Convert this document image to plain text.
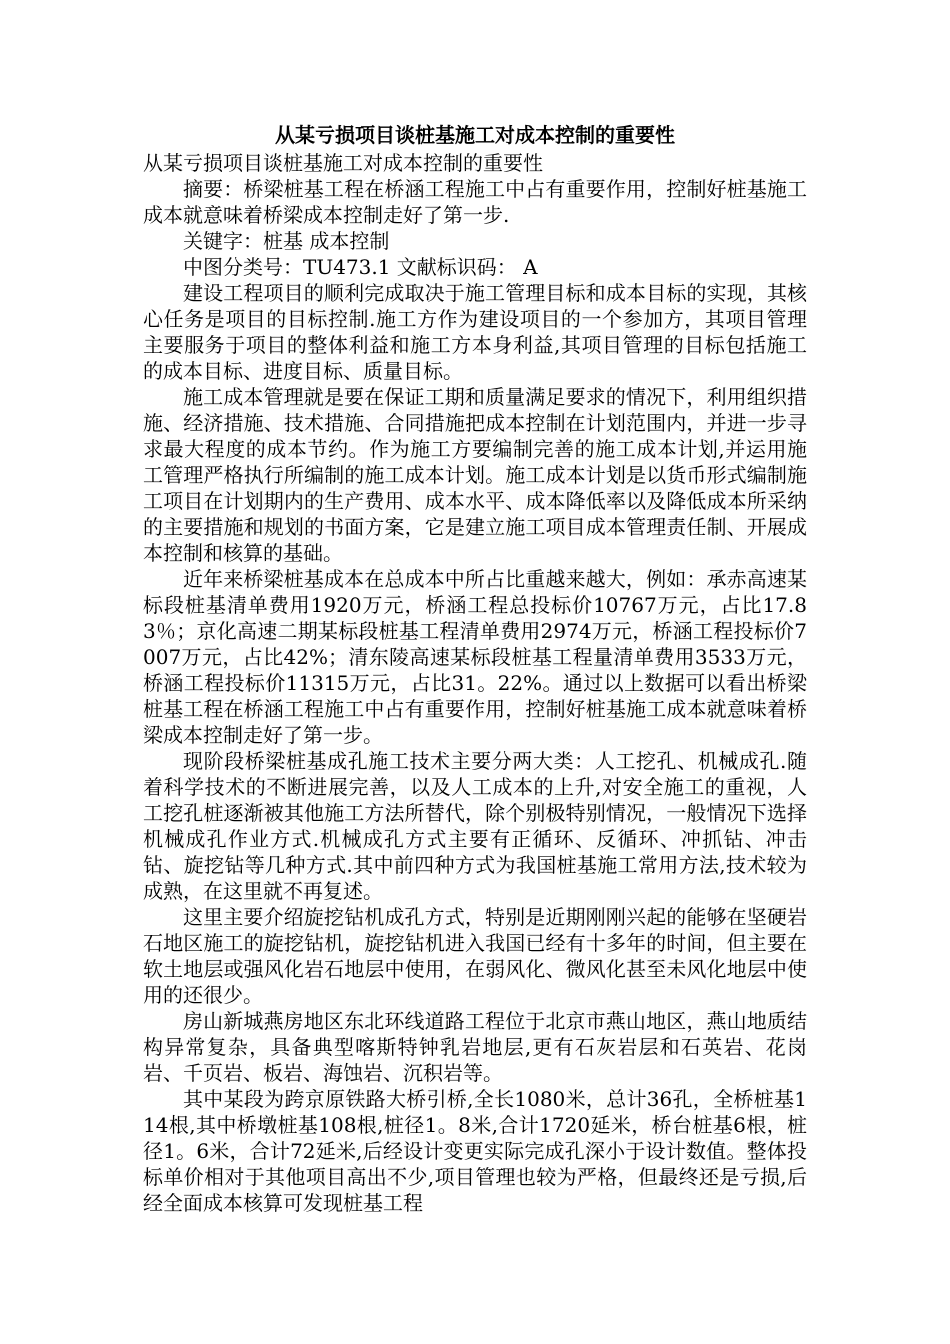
从某亏损项目谈桩基施工对成本控制的重要性
从某亏损项目谈桩基施工对成本控制的重要性

摘要：桥梁桩基工程在桥涵工程施工中占有重要作用，控制好桩基施工成本就意味着桥梁成本控制走好了第一步.

关键字：桩基 成本控制

中图分类号：TU473.1 文献标识码： A

建设工程项目的顺利完成取决于施工管理目标和成本目标的实现，其核心任务是项目的目标控制.施工方作为建设项目的一个参加方，其项目管理主要服务于项目的整体利益和施工方本身利益,其项目管理的目标包括施工的成本目标、进度目标、质量目标。

施工成本管理就是要在保证工期和质量满足要求的情况下，利用组织措施、经济措施、技术措施、合同措施把成本控制在计划范围内，并进一步寻求最大程度的成本节约。作为施工方要编制完善的施工成本计划,并运用施工管理严格执行所编制的施工成本计划。施工成本计划是以货币形式编制施工项目在计划期内的生产费用、成本水平、成本降低率以及降低成本所采纳的主要措施和规划的书面方案，它是建立施工项目成本管理责任制、开展成本控制和核算的基础。

近年来桥梁桩基成本在总成本中所占比重越来越大，例如：承赤高速某标段桩基清单费用1920万元，桥涵工程总投标价10767万元，占比17.83％；京化高速二期某标段桩基工程清单费用2974万元，桥涵工程投标价7007万元，占比42%；清东陵高速某标段桩基工程量清单费用3533万元，桥涵工程投标价11315万元，占比31。22%。通过以上数据可以看出桥梁桩基工程在桥涵工程施工中占有重要作用，控制好桩基施工成本就意味着桥梁成本控制走好了第一步。

现阶段桥梁桩基成孔施工技术主要分两大类：人工挖孔、机械成孔.随着科学技术的不断进展完善，以及人工成本的上升,对安全施工的重视，人工挖孔桩逐渐被其他施工方法所替代，除个别极特别情况，一般情况下选择机械成孔作业方式.机械成孔方式主要有正循环、反循环、冲抓钻、冲击钻、旋挖钻等几种方式.其中前四种方式为我国桩基施工常用方法,技术较为成熟，在这里就不再复述。

这里主要介绍旋挖钻机成孔方式，特别是近期刚刚兴起的能够在坚硬岩石地区施工的旋挖钻机，旋挖钻机进入我国已经有十多年的时间，但主要在软土地层或强风化岩石地层中使用，在弱风化、微风化甚至未风化地层中使用的还很少。

房山新城燕房地区东北环线道路工程位于北京市燕山地区，燕山地质结构异常复杂，具备典型喀斯特钟乳岩地层,更有石灰岩层和石英岩、花岗岩、千页岩、板岩、海蚀岩、沉积岩等。

其中某段为跨京原铁路大桥引桥,全长1080米，总计36孔，全桥桩基114根,其中桥墩桩基108根,桩径1。8米,合计1720延米，桥台桩基6根，桩径1。6米，合计72延米,后经设计变更实际完成孔深小于设计数值。整体投标单价相对于其他项目高出不少,项目管理也较为严格，但最终还是亏损,后经全面成本核算可发现桩基工程
